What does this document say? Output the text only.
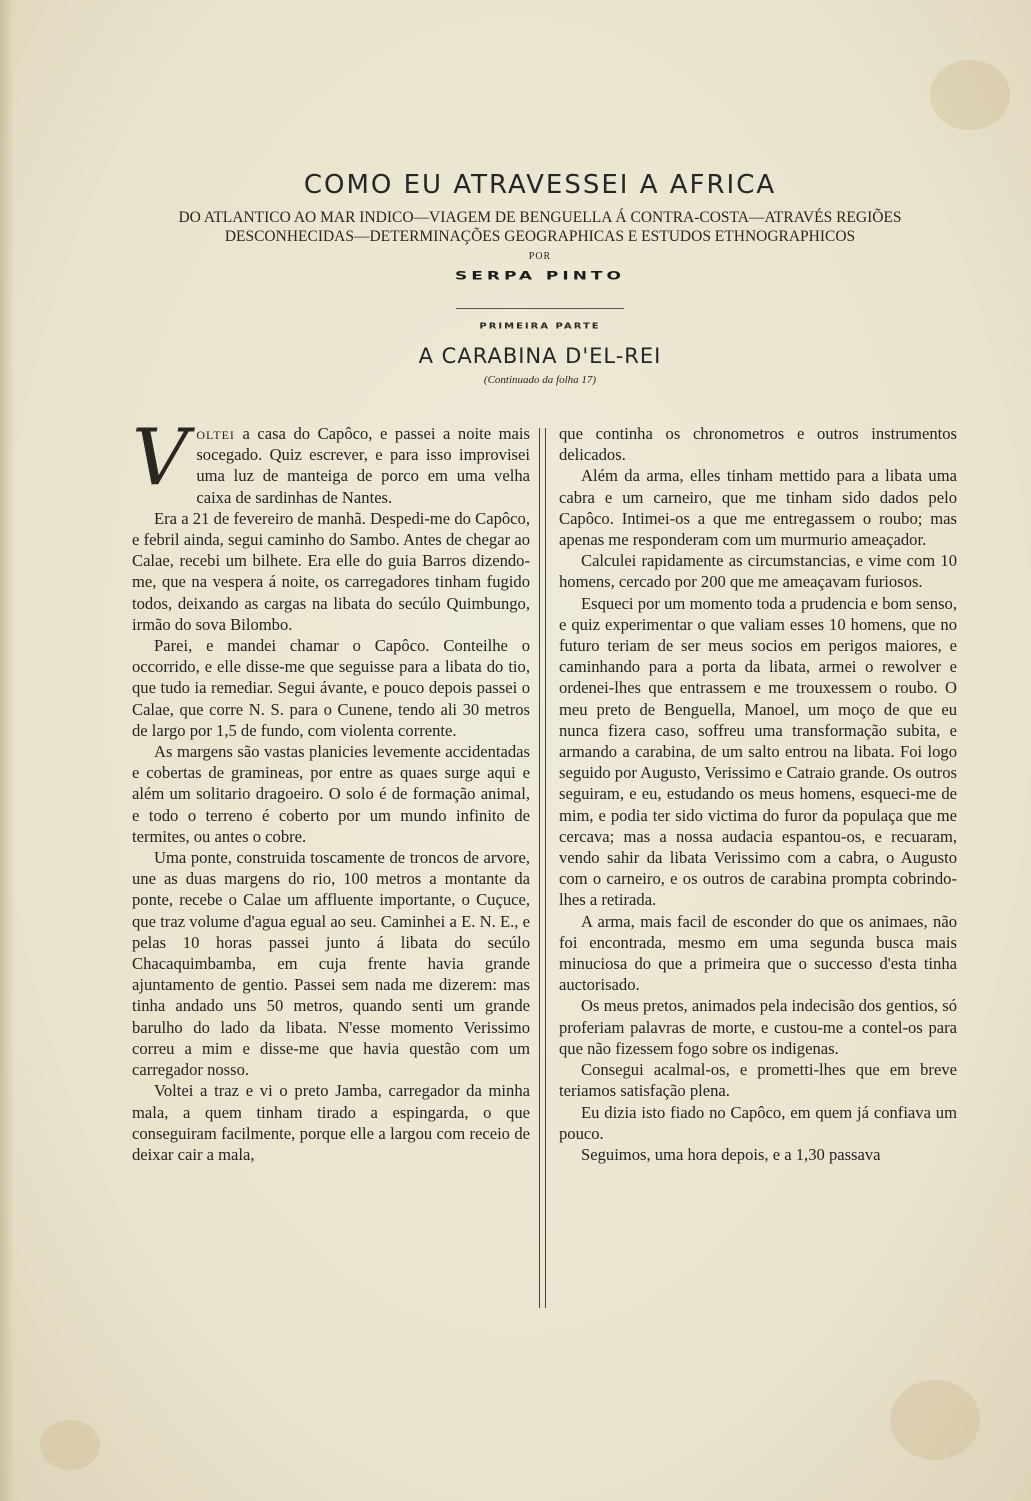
COMO EU ATRAVESSEI A AFRICA
DO ATLANTICO AO MAR INDICO—VIAGEM DE BENGUELLA Á CONTRA-COSTA—ATRAVÉS REGIÕES DESCONHECIDAS—DETERMINAÇÕES GEOGRAPHICAS E ESTUDOS ETHNOGRAPHICOS
POR
SERPA PINTO
PRIMEIRA PARTE
A CARABINA D'EL-REI
(Continuado da folha 17)

Voltei a casa do Capôco, e passei a noite mais socegado. Quiz escrever, e para isso improvisei uma luz de manteiga de porco em uma velha caixa de sardinhas de Nantes.

Era a 21 de fevereiro de manhã. Despedi-me do Capôco, e febril ainda, segui caminho do Sambo. Antes de chegar ao Calae, recebi um bilhete. Era elle do guia Barros dizendo-me, que na vespera á noite, os carregadores tinham fugido todos, deixando as cargas na libata do secúlo Quimbungo, irmão do sova Bilombo.

Parei, e mandei chamar o Capôco. Conteilhe o occorrido, e elle disse-me que seguisse para a libata do tio, que tudo ia remediar. Segui ávante, e pouco depois passei o Calae, que corre N. S. para o Cunene, tendo ali 30 metros de largo por 1,5 de fundo, com violenta corrente.

As margens são vastas planicies levemente accidentadas e cobertas de gramineas, por entre as quaes surge aqui e além um solitario dragoeiro. O solo é de formação animal, e todo o terreno é coberto por um mundo infinito de termites, ou antes o cobre.

Uma ponte, construida toscamente de troncos de arvore, une as duas margens do rio, 100 metros a montante da ponte, recebe o Calae um affluente importante, o Cuçuce, que traz volume d'agua egual ao seu. Caminhei a E. N. E., e pelas 10 horas passei junto á libata do secúlo Chacaquimbamba, em cuja frente havia grande ajuntamento de gentio. Passei sem nada me dizerem: mas tinha andado uns 50 metros, quando senti um grande barulho do lado da libata. N'esse momento Verissimo correu a mim e disse-me que havia questão com um carregador nosso.

Voltei a traz e vi o preto Jamba, carregador da minha mala, a quem tinham tirado a espingarda, o que conseguiram facilmente, porque elle a largou com receio de deixar cair a mala,

que continha os chronometros e outros instrumentos delicados.

Além da arma, elles tinham mettido para a libata uma cabra e um carneiro, que me tinham sido dados pelo Capôco. Intimei-os a que me entregassem o roubo; mas apenas me responderam com um murmurio ameaçador.

Calculei rapidamente as circumstancias, e vime com 10 homens, cercado por 200 que me ameaçavam furiosos.

Esqueci por um momento toda a prudencia e bom senso, e quiz experimentar o que valiam esses 10 homens, que no futuro teriam de ser meus socios em perigos maiores, e caminhando para a porta da libata, armei o rewolver e ordenei-lhes que entrassem e me trouxessem o roubo. O meu preto de Benguella, Manoel, um moço de que eu nunca fizera caso, soffreu uma transformação subita, e armando a carabina, de um salto entrou na libata. Foi logo seguido por Augusto, Verissimo e Catraio grande. Os outros seguiram, e eu, estudando os meus homens, esqueci-me de mim, e podia ter sido victima do furor da populaça que me cercava; mas a nossa audacia espantou-os, e recuaram, vendo sahir da libata Verissimo com a cabra, o Augusto com o carneiro, e os outros de carabina prompta cobrindo-lhes a retirada.

A arma, mais facil de esconder do que os animaes, não foi encontrada, mesmo em uma segunda busca mais minuciosa do que a primeira que o successo d'esta tinha auctorisado.

Os meus pretos, animados pela indecisão dos gentios, só proferiam palavras de morte, e custou-me a contel-os para que não fizessem fogo sobre os indigenas.

Consegui acalmal-os, e prometti-lhes que em breve teriamos satisfação plena.

Eu dizia isto fiado no Capôco, em quem já confiava um pouco.

Seguimos, uma hora depois, e a 1,30 passava
